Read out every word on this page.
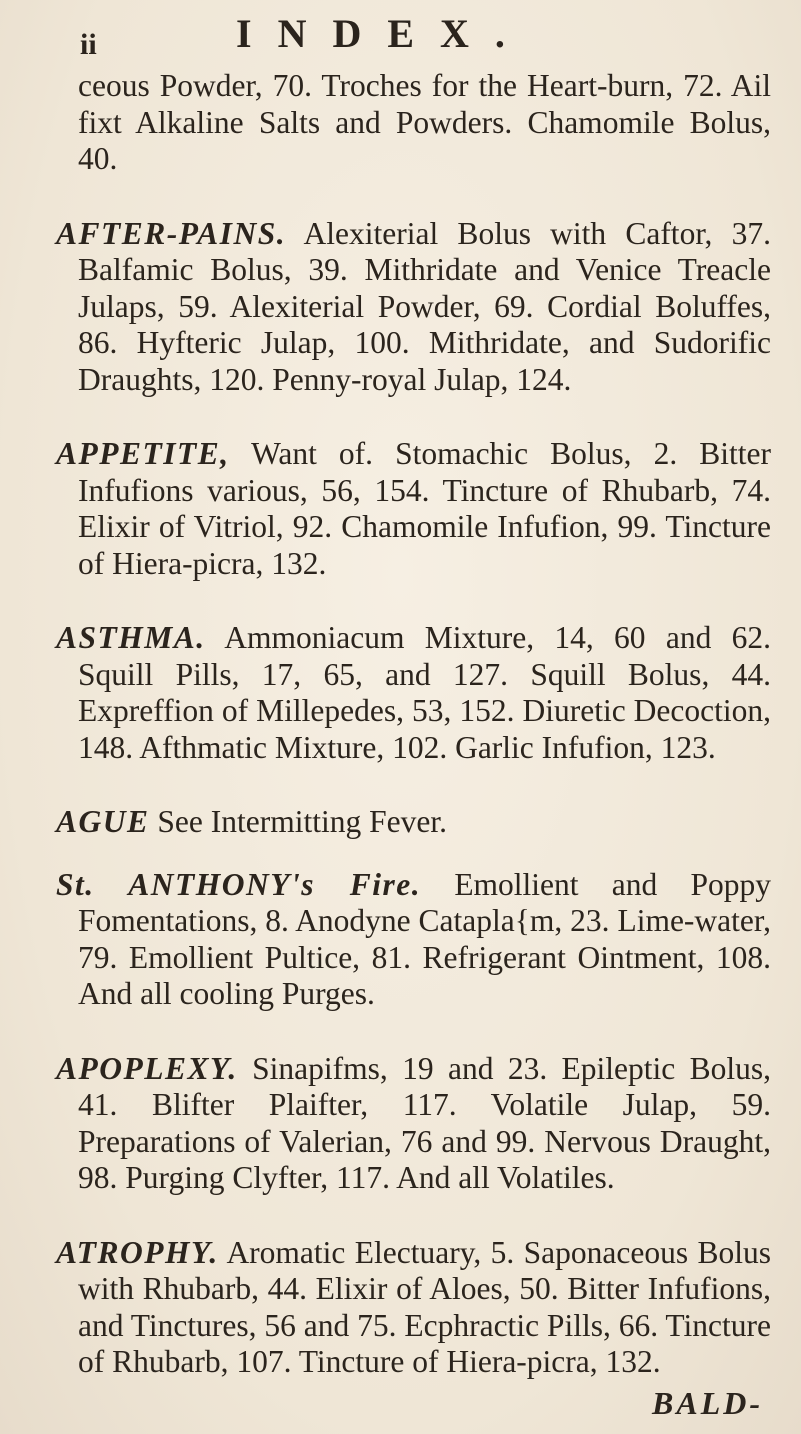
ii	INDEX.

ceous Powder, 70. Troches for the Heart-burn, 72. Ail fixt Alkaline Salts and Powders. Chamomile Bolus, 40.

AFTER-PAINS. Alexiterial Bolus with Caftor, 37. Balfamic Bolus, 39. Mithridate and Venice Treacle Julaps, 59. Alexiterial Powder, 69. Cordial Boluffes, 86. Hyfteric Julap, 100. Mithridate, and Sudorific Draughts, 120. Penny-royal Julap, 124.

APPETITE, Want of. Stomachic Bolus, 2. Bitter Infufions various, 56, 154. Tincture of Rhubarb, 74. Elixir of Vitriol, 92. Chamomile Infufion, 99. Tincture of Hiera-picra, 132.

ASTHMA. Ammoniacum Mixture, 14, 60 and 62. Squill Pills, 17, 65, and 127. Squill Bolus, 44. Expreffion of Millepedes, 53, 152. Diuretic Decoction, 148. Afthmatic Mixture, 102. Garlic Infufion, 123.

AGUE See Intermitting Fever.

St. ANTHONY's Fire. Emollient and Poppy Fomentations, 8. Anodyne Catapla{m, 23. Lime-water, 79. Emollient Pultice, 81. Refrigerant Ointment, 108. And all cooling Purges.

APOPLEXY. Sinapifms, 19 and 23. Epileptic Bolus, 41. Blifter Plaifter, 117. Volatile Julap, 59. Preparations of Valerian, 76 and 99. Nervous Draught, 98. Purging Clyfter, 117. And all Volatiles.

ATROPHY. Aromatic Electuary, 5. Saponaceous Bolus with Rhubarb, 44. Elixir of Aloes, 50. Bitter Infufions, and Tinctures, 56 and 75. Ecphractic Pills, 66. Tincture of Rhubarb, 107. Tincture of Hiera-picra, 132.

BALD-
